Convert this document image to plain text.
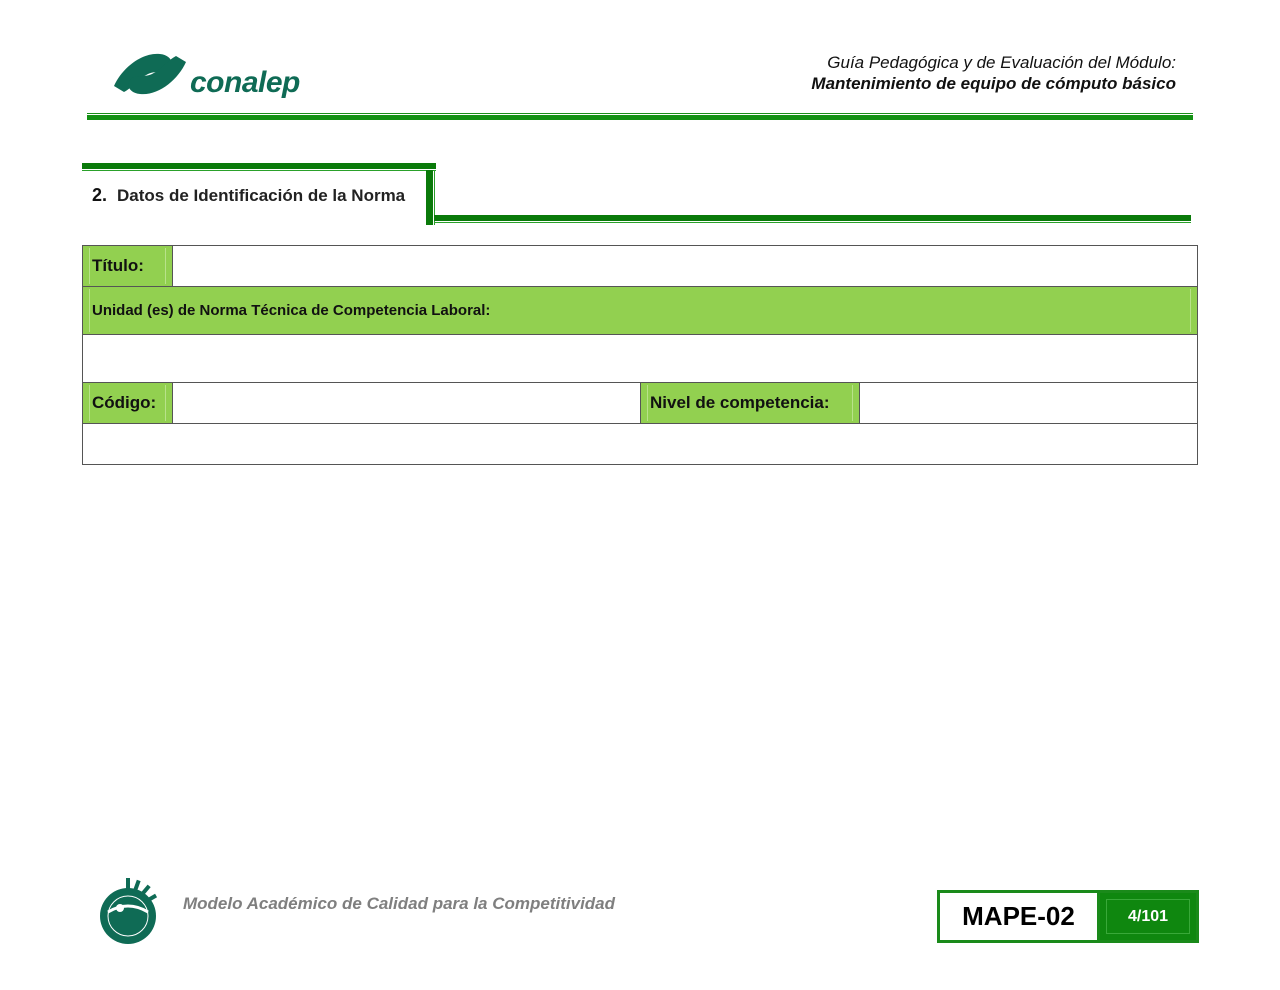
conalep
Guía Pedagógica y de Evaluación del Módulo:
Mantenimiento de equipo de cómputo básico
2. Datos de Identificación de la Norma
Título:
Unidad (es) de Norma Técnica de Competencia Laboral:
Código:	Nivel de competencia:
Modelo Académico de Calidad para la Competitividad	MAPE-02	4/101
